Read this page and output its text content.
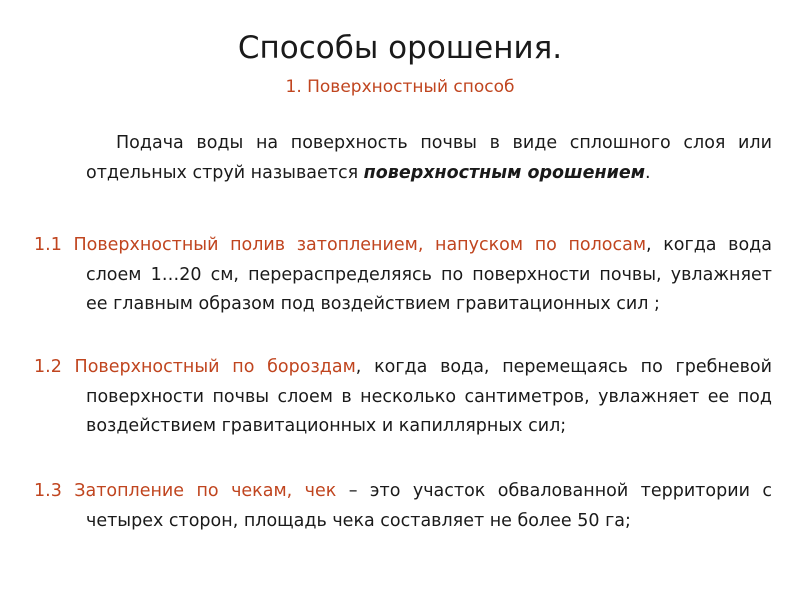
Способы орошения.
1. Поверхностный способ
Подача воды на поверхность почвы в виде сплошного слоя или отдельных струй называется поверхностным орошением.
1.1 Поверхностный полив затоплением, напуском по полосам, когда вода слоем 1…20 см, перераспределяясь по поверхности почвы, увлажняет ее главным образом под воздействием гравитационных сил ;
1.2 Поверхностный по бороздам, когда вода, перемещаясь по гребневой поверхности почвы слоем в несколько сантиметров, увлажняет ее под воздействием гравитационных и капиллярных сил;
1.3 Затопление по чекам, чек – это участок обвалованной территории с четырех сторон, площадь чека составляет не более 50 га;
